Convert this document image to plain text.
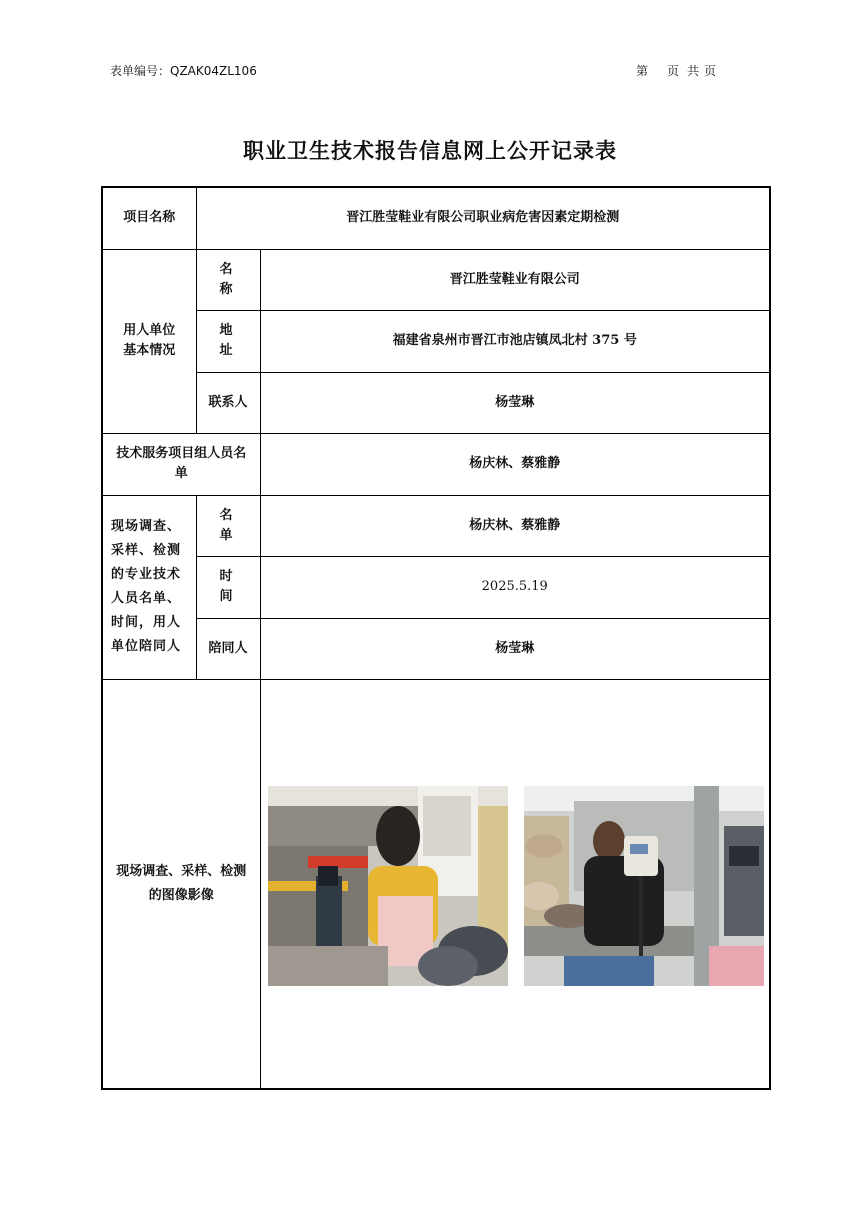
表单编号：QZAK04ZL106	第 页 共 页
职业卫生技术报告信息网上公开记录表
项目名称	晋江胜莹鞋业有限公司职业病危害因素定期检测	
用人单位基本情况	名称	晋江胜莹鞋业有限公司
	地址	福建省泉州市晋江市池店镇凤北村 375 号
	联系人	杨莹琳
技术服务项目组人员名单		杨庆林、蔡雅静
现场调查、采样、检测的专业技术人员名单、时间，用人单位陪同人	名单	杨庆林、蔡雅静
	时间	2025.5.19
	陪同人	杨莹琳
现场调查、采样、检测的图像影像	
